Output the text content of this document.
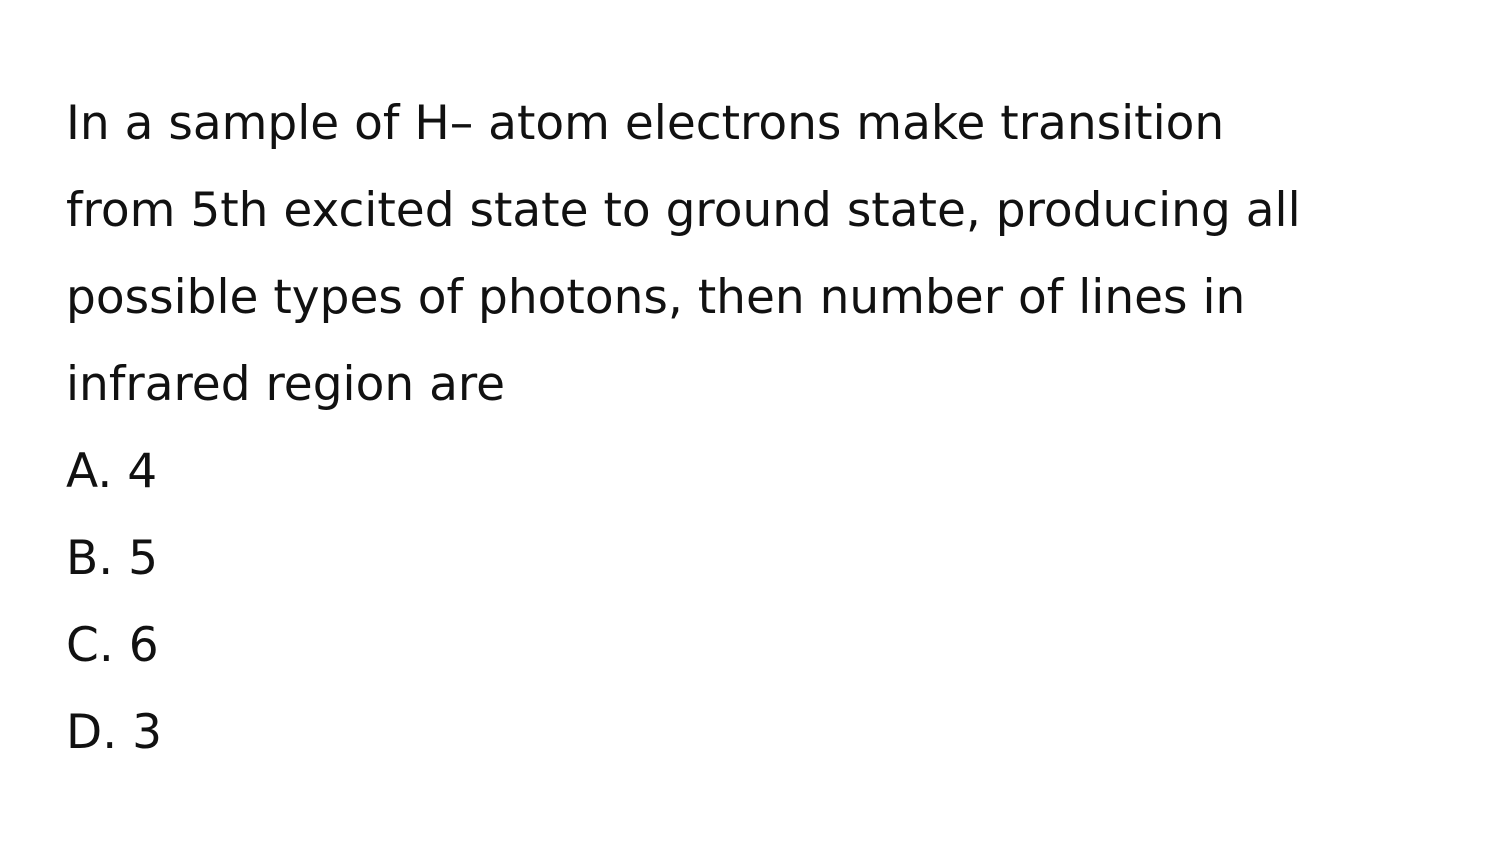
In a sample of H– atom electrons make transition
from 5th excited state to ground state, producing all
possible types of photons, then number of lines in
infrared region are
A. 4
B. 5
C. 6
D. 3
